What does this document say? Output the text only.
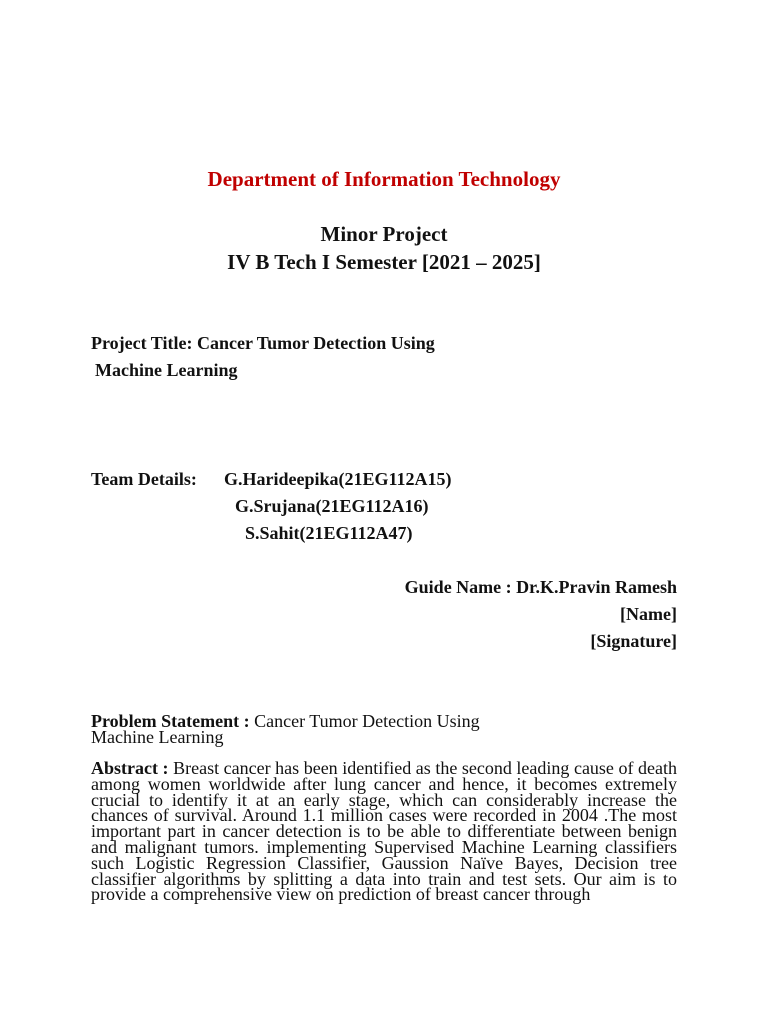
Department of Information Technology
Minor Project
IV B Tech I Semester [2021 – 2025]
Project Title: Cancer Tumor Detection Using
Machine Learning
Team Details: G.Harideepika(21EG112A15)
G.Srujana(21EG112A16)
S.Sahit(21EG112A47)
Guide Name : Dr.K.Pravin Ramesh
[Name]
[Signature]
Problem Statement : Cancer Tumor Detection Using Machine Learning
Abstract : Breast cancer has been identified as the second leading cause of death among women worldwide after lung cancer and hence, it becomes extremely crucial to identify it at an early stage, which can considerably increase the chances of survival. Around 1.1 million cases were recorded in 2004 .The most important part in cancer detection is to be able to differentiate between benign and malignant tumors. implementing Supervised Machine Learning classifiers such Logistic Regression Classifier, Gaussion Naïve Bayes, Decision tree classifier algorithms by splitting a data into train and test sets. Our aim is to provide a comprehensive view on prediction of breast cancer through
